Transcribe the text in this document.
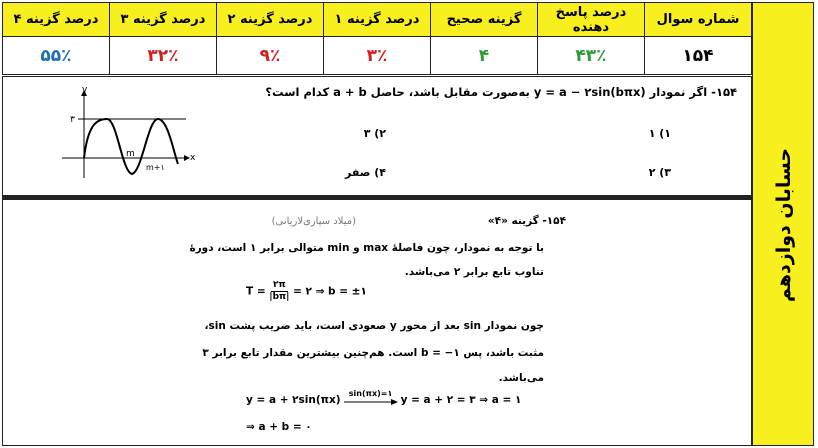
درصد گزینه ۴	درصد گزینه ۳	درصد گزینه ۲	درصد گزینه ۱	گزینه صحیح	درصد پاسخ دهنده	شماره سوال
۵۵٪	۳۲٪	۹٪	۳٪	۴	۴۳٪	۱۵۴
حسابان دوازدهم
۱۵۴- اگر نمودار y = a − ۲sin(bπx) به‌صورت مقابل باشد، حاصل a + b کدام است؟
۱) ۱
۲) ۳
۳) ۲
۴) صفر
y
x
۳
m
m+۱
۱۵۴- گزینه «۴»
(میلاد سپاری‌لاریانی)
با توجه به نمودار، چون فاصلهٔ max و min متوالی برابر ۱ است، دورهٔ
تناوب تابع برابر ۲ می‌باشد.
$T = \frac{۲\pi}{|b\pi|}$ = ۲ ⇒ b = ±۱
چون نمودار sin بعد از محور y صعودی است، باید ضریب پشت sin،
مثبت باشد، پس b = −۱ است. هم‌چنین بیشترین مقدار تابع برابر ۳
می‌باشد.
y = a + ۲sin(πx)
sin(πx)=۱
y = a + ۲ = ۳ ⇒ a = ۱
⇒ a + b = ۰
